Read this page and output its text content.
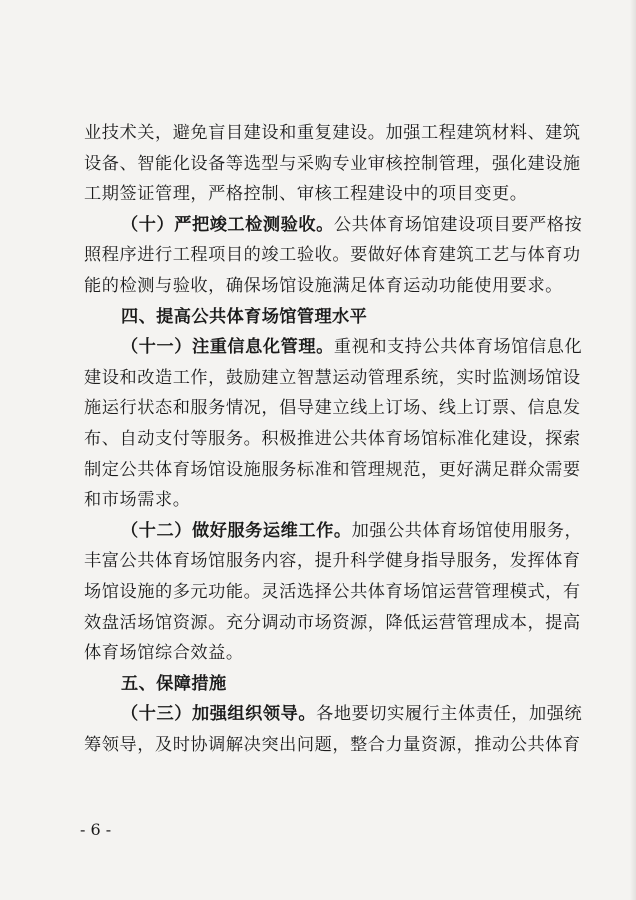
业技术关，避免盲目建设和重复建设。加强工程建筑材料、建筑
设备、智能化设备等选型与采购专业审核控制管理，强化建设施
工期签证管理，严格控制、审核工程建设中的项目变更。
（十）严把竣工检测验收。公共体育场馆建设项目要严格按
照程序进行工程项目的竣工验收。要做好体育建筑工艺与体育功
能的检测与验收，确保场馆设施满足体育运动功能使用要求。
四、提高公共体育场馆管理水平
（十一）注重信息化管理。重视和支持公共体育场馆信息化
建设和改造工作，鼓励建立智慧运动管理系统，实时监测场馆设
施运行状态和服务情况，倡导建立线上订场、线上订票、信息发
布、自动支付等服务。积极推进公共体育场馆标准化建设，探索
制定公共体育场馆设施服务标准和管理规范，更好满足群众需要
和市场需求。
（十二）做好服务运维工作。加强公共体育场馆使用服务，
丰富公共体育场馆服务内容，提升科学健身指导服务，发挥体育
场馆设施的多元功能。灵活选择公共体育场馆运营管理模式，有
效盘活场馆资源。充分调动市场资源，降低运营管理成本，提高
体育场馆综合效益。
五、保障措施
（十三）加强组织领导。各地要切实履行主体责任，加强统
筹领导，及时协调解决突出问题，整合力量资源，推动公共体育
- 6 -
